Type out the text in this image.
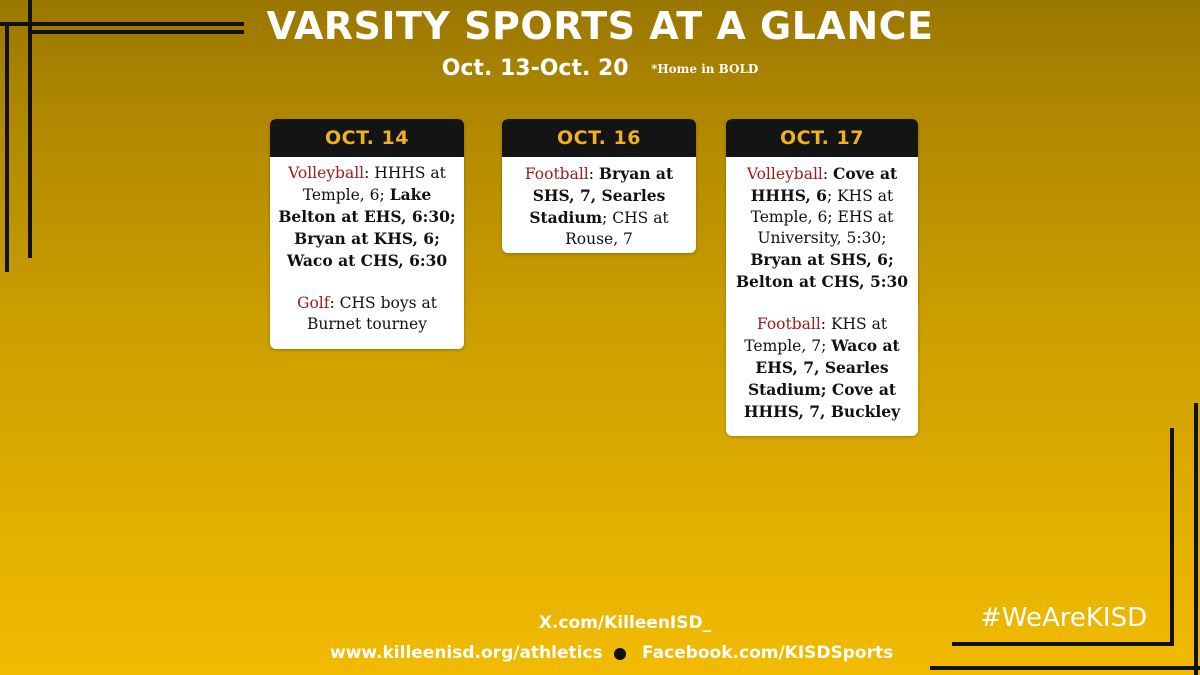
VARSITY SPORTS AT A GLANCE
Oct. 13-Oct. 20 *Home in BOLD
OCT. 14
Volleyball: HHHS at Temple, 6; Lake Belton at EHS, 6:30; Bryan at KHS, 6; Waco at CHS, 6:30
Golf: CHS boys at Burnet tourney
OCT. 16
Football: Bryan at SHS, 7, Searles Stadium; CHS at Rouse, 7
OCT. 17
Volleyball: Cove at HHHS, 6; KHS at Temple, 6; EHS at University, 5:30; Bryan at SHS, 6; Belton at CHS, 5:30
Football: KHS at Temple, 7; Waco at EHS, 7, Searles Stadium; Cove at HHHS, 7, Buckley
X.com/KilleenISD_
www.killeenisd.org/athletics Facebook.com/KISDSports
#WeAreKISD
